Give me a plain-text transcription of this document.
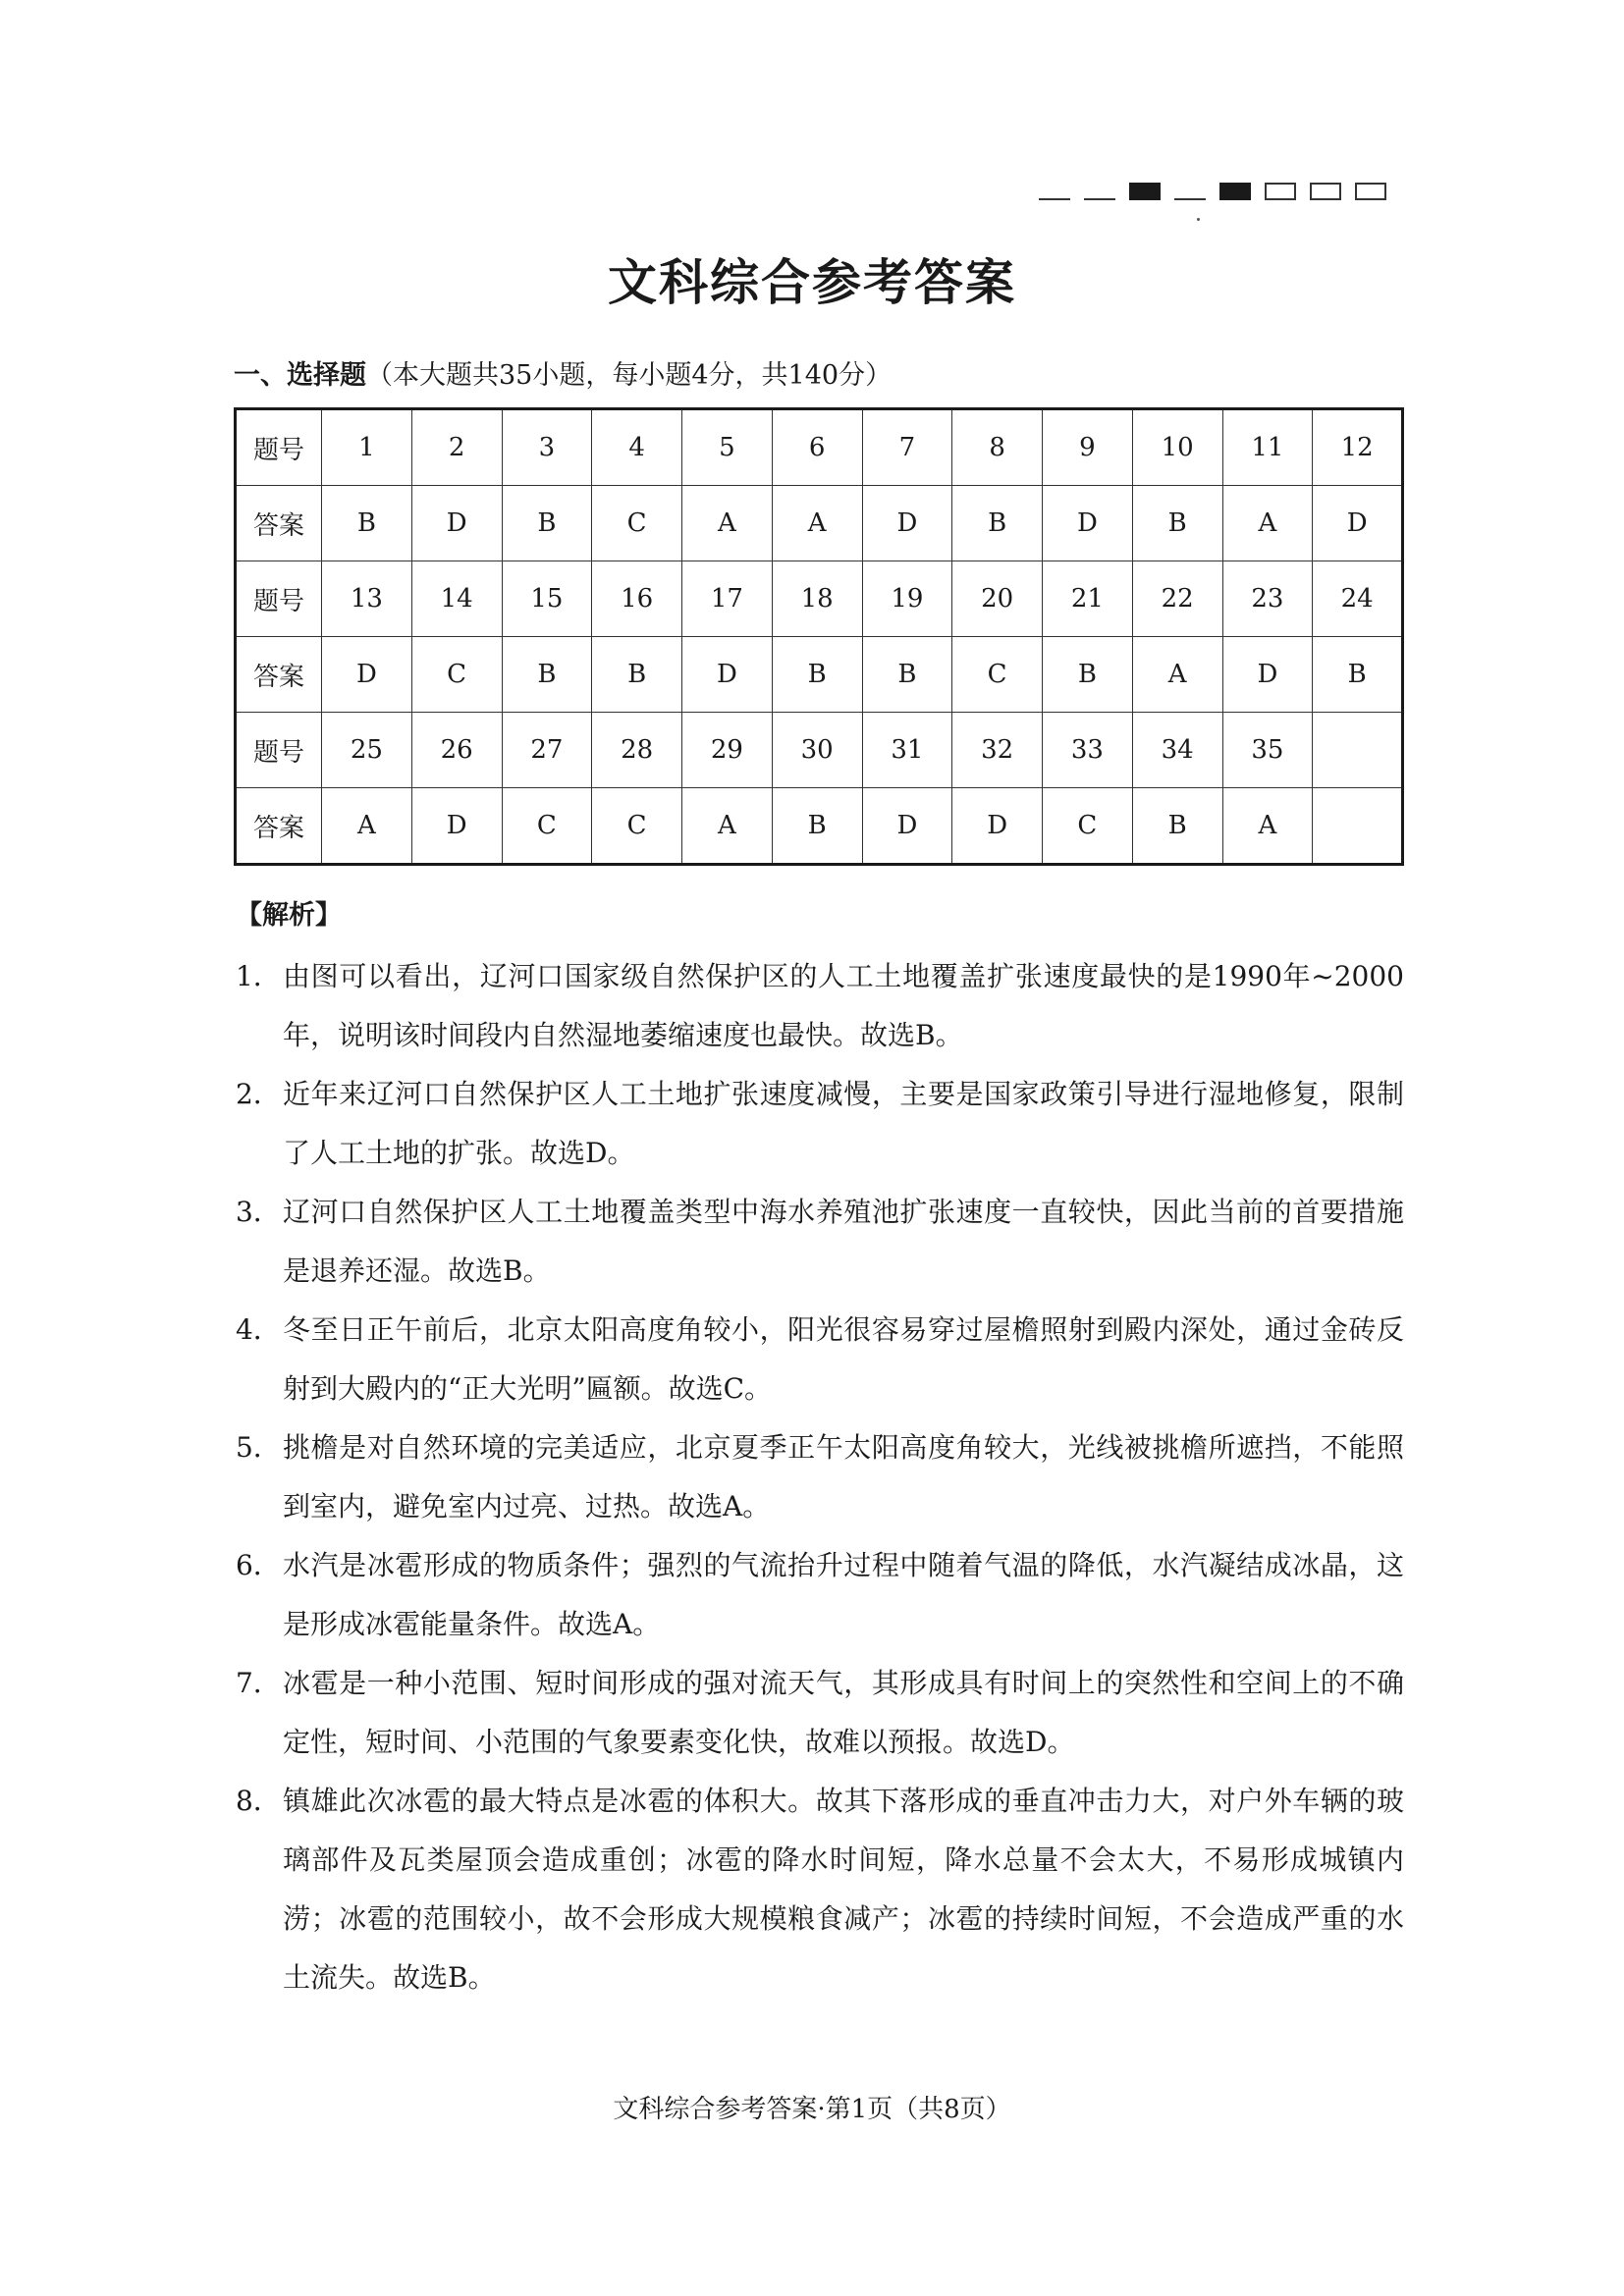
文科综合参考答案
一、选择题（本大题共35小题，每小题4分，共140分）
题号	1	2	3	4	5	6	7	8	9	10	11	12
答案	B	D	B	C	A	A	D	B	D	B	A	D
题号	13	14	15	16	17	18	19	20	21	22	23	24
答案	D	C	B	B	D	B	B	C	B	A	D	B
题号	25	26	27	28	29	30	31	32	33	34	35	
答案	A	D	C	C	A	B	D	D	C	B	A	
【解析】
1． 由图可以看出，辽河口国家级自然保护区的人工土地覆盖扩张速度最快的是1990年~2000年，说明该时间段内自然湿地萎缩速度也最快。故选B。
2． 近年来辽河口自然保护区人工土地扩张速度减慢，主要是国家政策引导进行湿地修复，限制了人工土地的扩张。故选D。
3． 辽河口自然保护区人工土地覆盖类型中海水养殖池扩张速度一直较快，因此当前的首要措施是退养还湿。故选B。
4． 冬至日正午前后，北京太阳高度角较小，阳光很容易穿过屋檐照射到殿内深处，通过金砖反射到大殿内的“正大光明”匾额。故选C。
5． 挑檐是对自然环境的完美适应，北京夏季正午太阳高度角较大，光线被挑檐所遮挡，不能照到室内，避免室内过亮、过热。故选A。
6． 水汽是冰雹形成的物质条件；强烈的气流抬升过程中随着气温的降低，水汽凝结成冰晶，这是形成冰雹能量条件。故选A。
7． 冰雹是一种小范围、短时间形成的强对流天气，其形成具有时间上的突然性和空间上的不确定性，短时间、小范围的气象要素变化快，故难以预报。故选D。
8． 镇雄此次冰雹的最大特点是冰雹的体积大。故其下落形成的垂直冲击力大，对户外车辆的玻璃部件及瓦类屋顶会造成重创；冰雹的降水时间短，降水总量不会太大，不易形成城镇内涝；冰雹的范围较小，故不会形成大规模粮食减产；冰雹的持续时间短，不会造成严重的水土流失。故选B。
文科综合参考答案·第1页（共8页）
